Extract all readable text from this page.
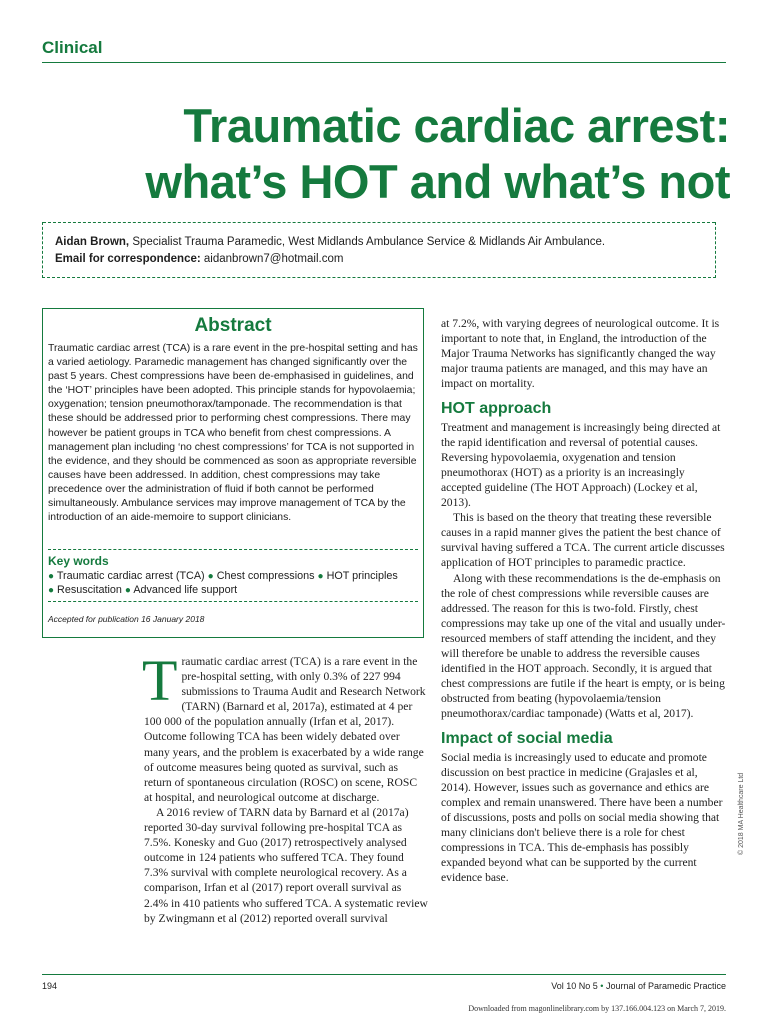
Clinical
Traumatic cardiac arrest:
what’s HOT and what’s not
Aidan Brown, Specialist Trauma Paramedic, West Midlands Ambulance Service & Midlands Air Ambulance.
Email for correspondence: aidanbrown7@hotmail.com
Abstract
Traumatic cardiac arrest (TCA) is a rare event in the pre-hospital setting and has a varied aetiology. Paramedic management has changed significantly over the past 5 years. Chest compressions have been de-emphasised in guidelines, and the ‘HOT’ principles have been adopted. This principle stands for hypovolaemia; oxygenation; tension pneumothorax/tamponade. The recommendation is that these should be addressed prior to performing chest compressions. There may however be patient groups in TCA who benefit from chest compressions. A management plan including ‘no chest compressions’ for TCA is not supported in the evidence, and they should be commenced as soon as appropriate reversible causes have been addressed. In addition, chest compressions may take precedence over the administration of fluid if both cannot be performed simultaneously. Ambulance services may improve management of TCA by the introduction of an aide-memoire to support clinicians.
Key words
● Traumatic cardiac arrest (TCA) ● Chest compressions ● HOT principles
● Resuscitation ● Advanced life support
Accepted for publication 16 January 2018

Traumatic cardiac arrest (TCA) is a rare event in the pre-hospital setting, with only 0.3% of 227 994 submissions to Trauma Audit and Research Network (TARN) (Barnard et al, 2017a), estimated at 4 per 100 000 of the population annually (Irfan et al, 2017). Outcome following TCA has been widely debated over many years, and the problem is exacerbated by a wide range of outcome measures being quoted as survival, such as return of spontaneous circulation (ROSC) on scene, ROSC at hospital, and neurological outcome at discharge.

A 2016 review of TARN data by Barnard et al (2017a) reported 30-day survival following pre-hospital TCA as 7.5%. Konesky and Guo (2017) retrospectively analysed outcome in 124 patients who suffered TCA. They found 7.3% survival with complete neurological recovery. As a comparison, Irfan et al (2017) report overall survival as 2.4% in 410 patients who suffered TCA. A systematic review by Zwingmann et al (2012) reported overall survival

at 7.2%, with varying degrees of neurological outcome. It is important to note that, in England, the introduction of the Major Trauma Networks has significantly changed the way major trauma patients are managed, and this may have an impact on mortality.

HOT approach

Treatment and management is increasingly being directed at the rapid identification and reversal of potential causes. Reversing hypovolaemia, oxygenation and tension pneumothorax (HOT) as a priority is an increasingly accepted guideline (The HOT Approach) (Lockey et al, 2013).

This is based on the theory that treating these reversible causes in a rapid manner gives the patient the best chance of survival having suffered a TCA. The current article discusses application of HOT principles to paramedic practice.

Along with these recommendations is the de-emphasis on the role of chest compressions while reversible causes are addressed. The reason for this is two-fold. Firstly, chest compressions may take up one of the vital and usually under-resourced members of staff attending the incident, and they will therefore be unable to address the reversible causes identified in the HOT approach. Secondly, it is argued that chest compressions are futile if the heart is empty, or is being obstructed from beating (hypovolaemia/tension pneumothorax/cardiac tamponade) (Watts et al, 2017).

Impact of social media

Social media is increasingly used to educate and promote discussion on best practice in medicine (Grajasles et al, 2014). However, issues such as governance and ethics are complex and remain unanswered. There have been a number of discussions, posts and polls on social media showing that many clinicians don't believe there is a role for chest compressions in TCA. This de-emphasis has possibly expanded beyond what can be supported by the current evidence base.

© 2018 MA Healthcare Ltd
194	Vol 10 No 5 • Journal of Paramedic Practice
Downloaded from magonlinelibrary.com by 137.166.004.123 on March 7, 2019.
